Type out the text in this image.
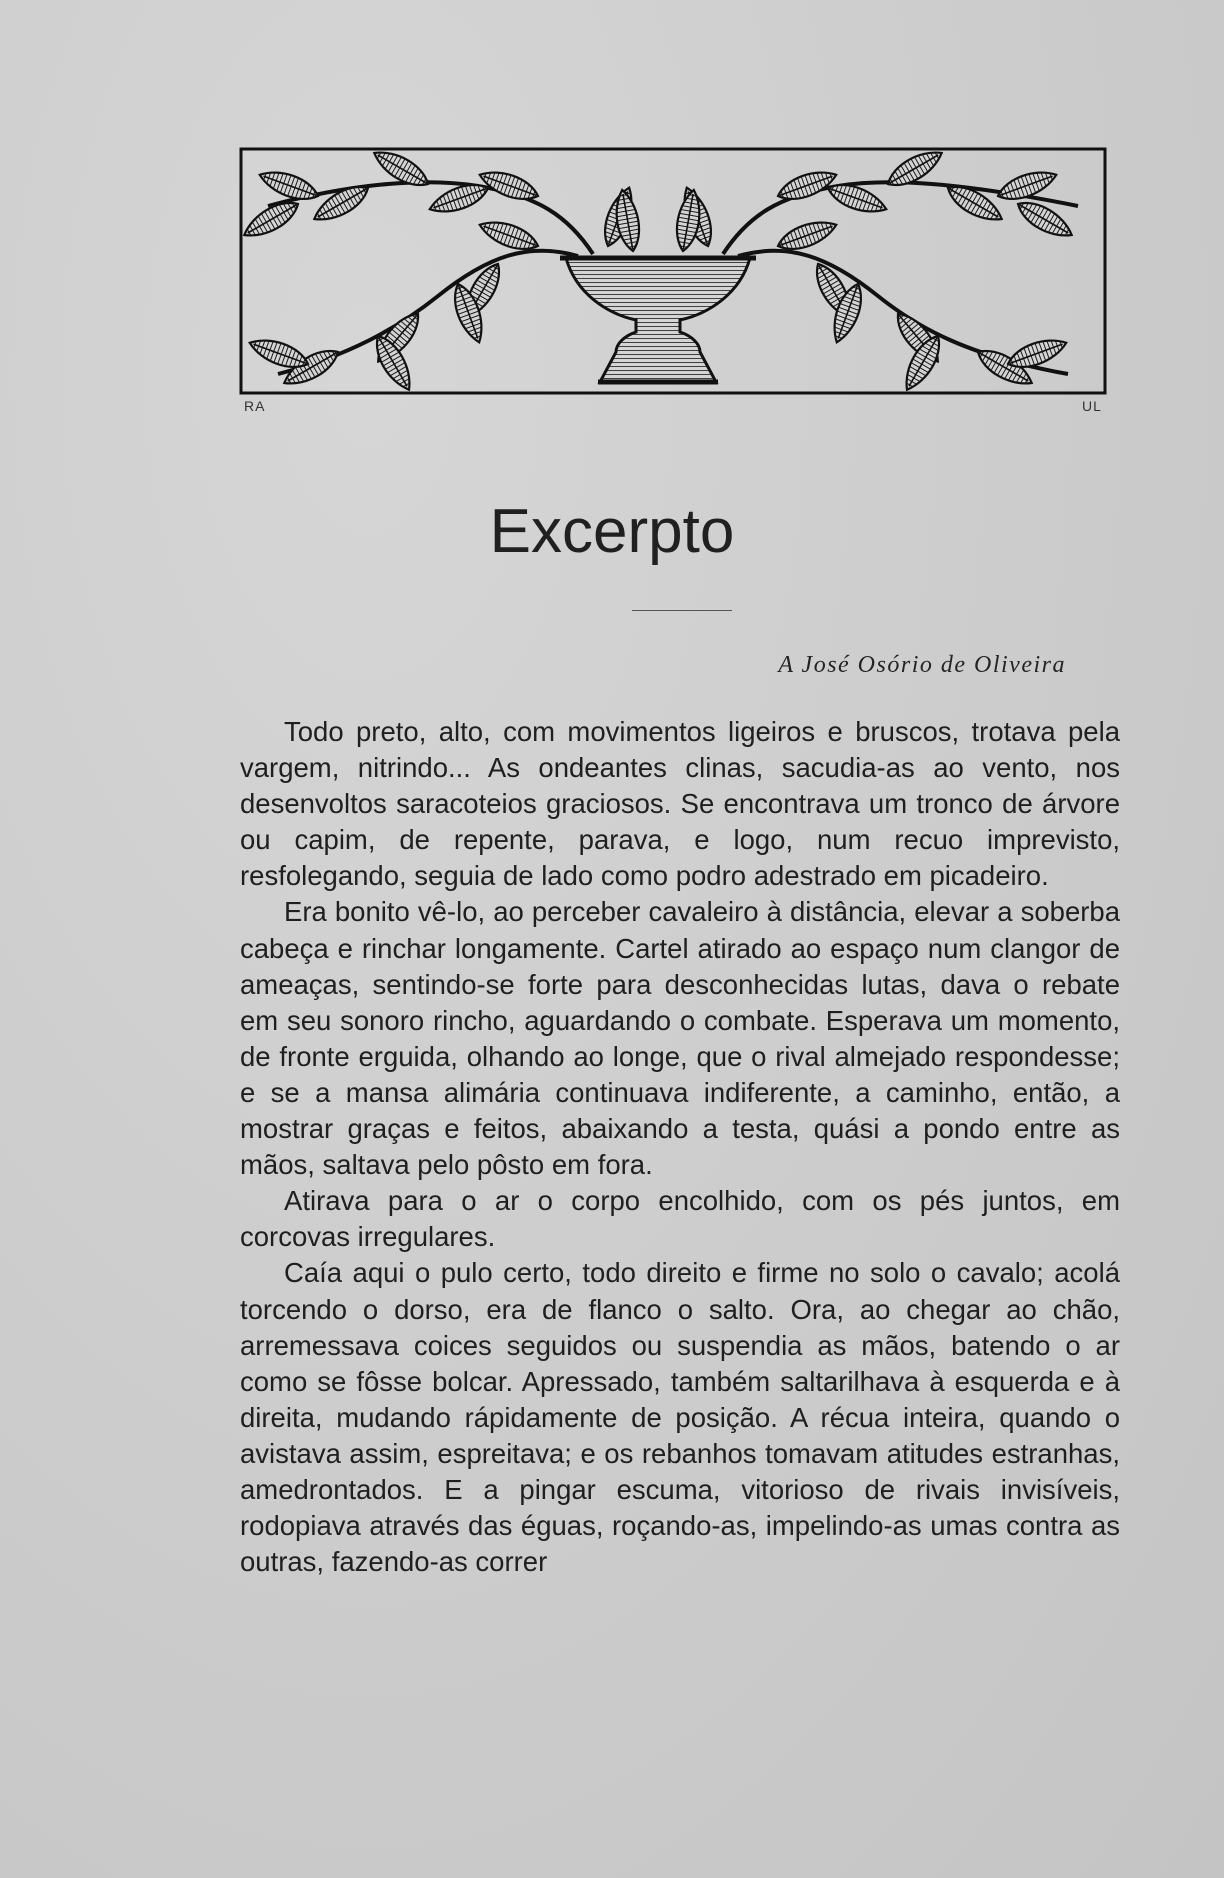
RA	UL
Excerpto
A José Osório de Oliveira

Todo preto, alto, com movimentos ligeiros e bruscos, trotava pela vargem, nitrindo... As ondeantes clinas, sacudia-as ao vento, nos desenvoltos saracoteios graciosos. Se encontrava um tronco de árvore ou capim, de repente, parava, e logo, num recuo imprevisto, resfolegando, seguia de lado como podro adestrado em picadeiro.

Era bonito vê-lo, ao perceber cavaleiro à distância, elevar a soberba cabeça e rinchar longamente. Cartel atirado ao espaço num clangor de ameaças, sentindo-se forte para desconhecidas lutas, dava o rebate em seu sonoro rincho, aguardando o combate. Esperava um momento, de fronte erguida, olhando ao longe, que o rival almejado respondesse; e se a mansa alimária continuava indiferente, a caminho, então, a mostrar graças e feitos, abaixando a testa, quási a pondo entre as mãos, saltava pelo pôsto em fora.

Atirava para o ar o corpo encolhido, com os pés juntos, em corcovas irregulares.

Caía aqui o pulo certo, todo direito e firme no solo o cavalo; acolá torcendo o dorso, era de flanco o salto. Ora, ao chegar ao chão, arremessava coices seguidos ou suspendia as mãos, batendo o ar como se fôsse bolcar. Apressado, também saltarilhava à esquerda e à direita, mudando rápidamente de posição. A récua inteira, quando o avistava assim, espreitava; e os rebanhos tomavam atitudes estranhas, amedrontados. E a pingar escuma, vitorioso de rivais invisíveis, rodopiava através das éguas, roçando-as, impelindo-as umas contra as outras, fazendo-as correr
